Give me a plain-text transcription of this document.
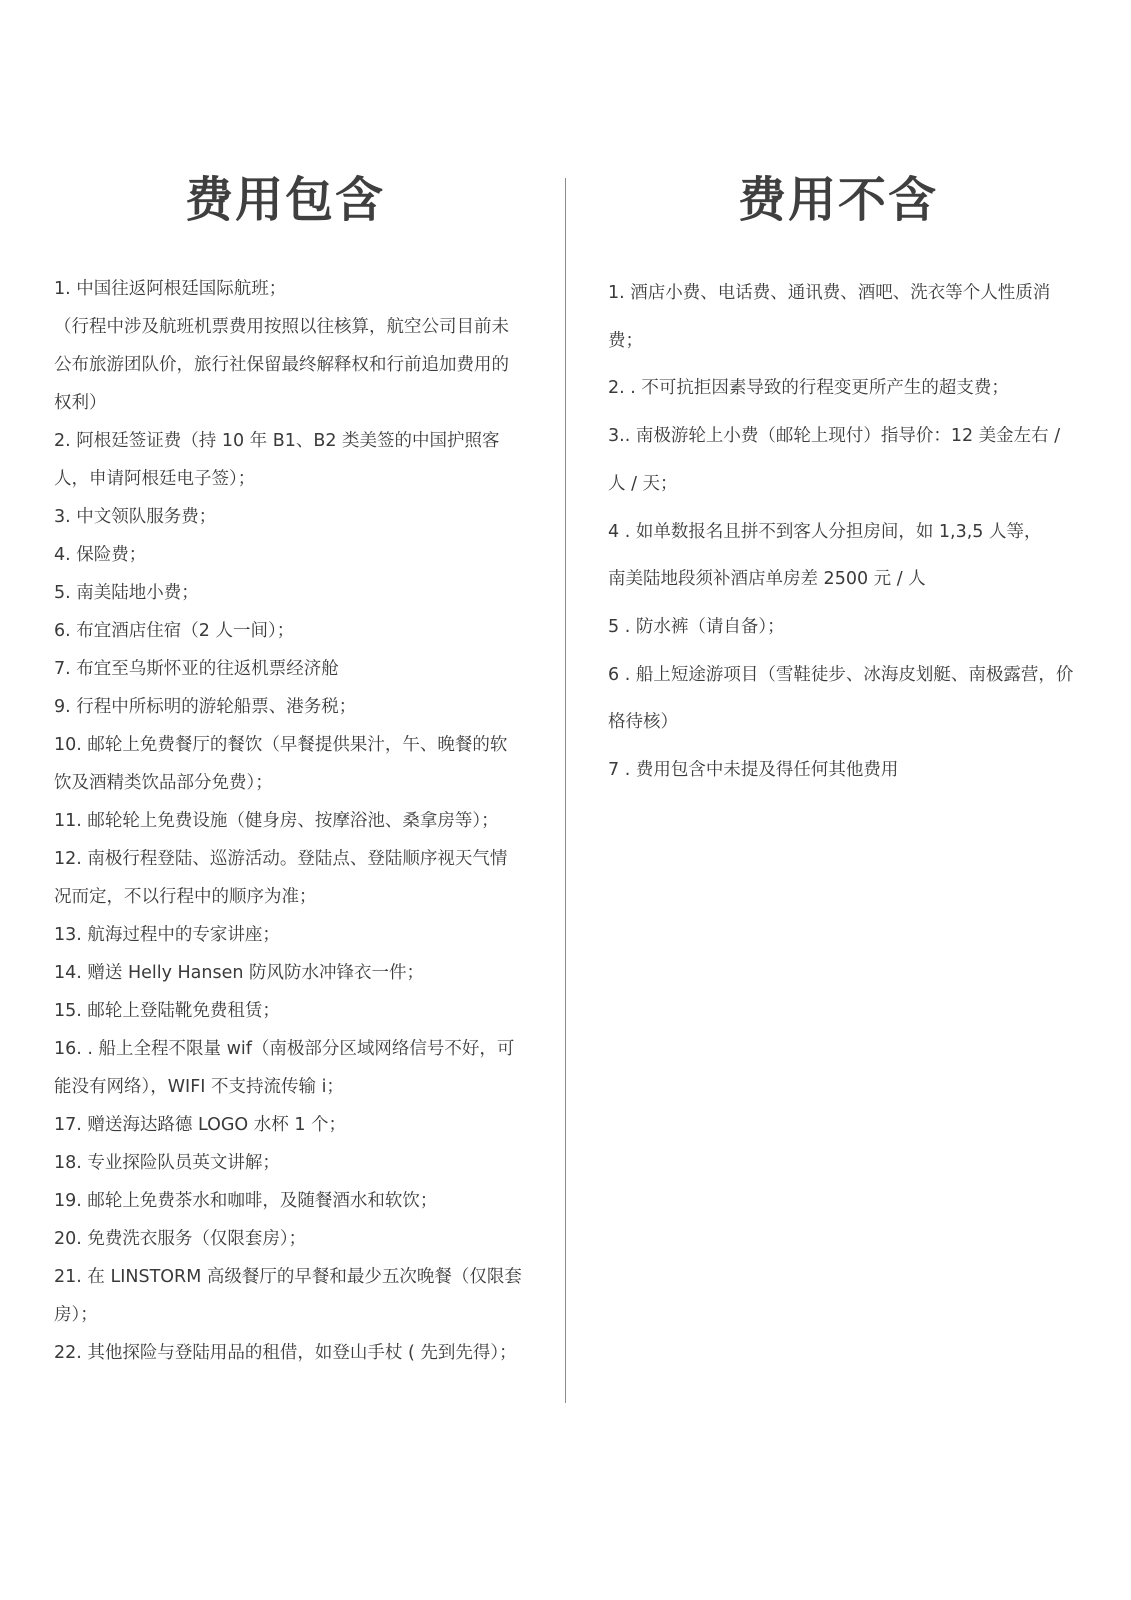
费用包含
1. 中国往返阿根廷国际航班；
（行程中涉及航班机票费用按照以往核算，航空公司目前未公布旅游团队价，旅行社保留最终解释权和行前追加费用的权利）
2. 阿根廷签证费（持 10 年 B1、B2 类美签的中国护照客人，申请阿根廷电子签）；
3. 中文领队服务费；
4. 保险费；
5. 南美陆地小费；
6. 布宜酒店住宿（2 人一间）；
7. 布宜至乌斯怀亚的往返机票经济舱
9. 行程中所标明的游轮船票、港务税；
10. 邮轮上免费餐厅的餐饮（早餐提供果汁，午、晚餐的软饮及酒精类饮品部分免费）；
11. 邮轮轮上免费设施（健身房、按摩浴池、桑拿房等）；
12. 南极行程登陆、巡游活动。登陆点、登陆顺序视天气情况而定，不以行程中的顺序为准；
13. 航海过程中的专家讲座；
14. 赠送 Helly Hansen 防风防水冲锋衣一件；
15. 邮轮上登陆靴免费租赁；
16. . 船上全程不限量 wif（南极部分区域网络信号不好，可能没有网络），WIFI 不支持流传输 i；
17. 赠送海达路德 LOGO 水杯 1 个；
18. 专业探险队员英文讲解；
19. 邮轮上免费茶水和咖啡，及随餐酒水和软饮；
20. 免费洗衣服务（仅限套房）；
21. 在 LINSTORM 高级餐厅的早餐和最少五次晚餐（仅限套房）；
22. 其他探险与登陆用品的租借，如登山手杖 ( 先到先得）；
费用不含
1. 酒店小费、电话费、通讯费、酒吧、洗衣等个人性质消费；
2. . 不可抗拒因素导致的行程变更所产生的超支费；
3.. 南极游轮上小费（邮轮上现付）指导价：12 美金左右 / 人 / 天；
4 . 如单数报名且拼不到客人分担房间，如 1,3,5 人等，
南美陆地段须补酒店单房差 2500 元 / 人
5 . 防水裤（请自备）；
6 . 船上短途游项目（雪鞋徒步、冰海皮划艇、南极露营，价格待核）
7 . 费用包含中未提及得任何其他费用
